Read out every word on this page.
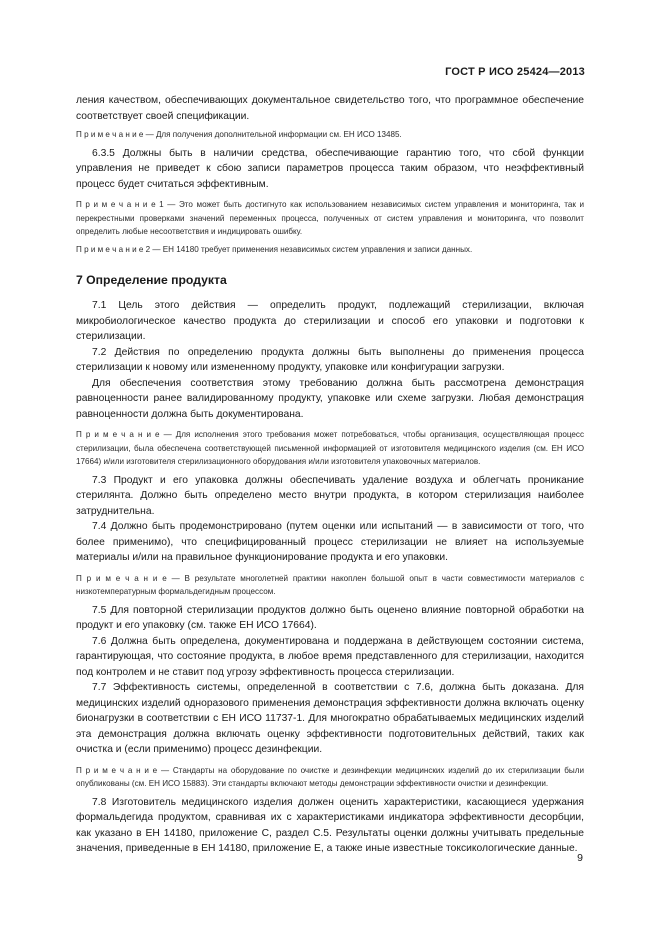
ГОСТ Р ИСО 25424—2013

ления качеством, обеспечивающих документальное свидетельство того, что программное обеспечение соответствует своей спецификации.

П р и м е ч а н и е — Для получения дополнительной информации см. ЕН ИСО 13485.

6.3.5 Должны быть в наличии средства, обеспечивающие гарантию того, что сбой функции управления не приведет к сбою записи параметров процесса таким образом, что неэффективный процесс будет считаться эффективным.

П р и м е ч а н и е 1 — Это может быть достигнуто как использованием независимых систем управления и мониторинга, так и перекрестными проверками значений переменных процесса, полученных от систем управления и мониторинга, что позволит определить любые несоответствия и индицировать ошибку.

П р и м е ч а н и е 2 — ЕН 14180 требует применения независимых систем управления и записи данных.

7 Определение продукта

7.1 Цель этого действия — определить продукт, подлежащий стерилизации, включая микробиологическое качество продукта до стерилизации и способ его упаковки и подготовки к стерилизации.

7.2 Действия по определению продукта должны быть выполнены до применения процесса стерилизации к новому или измененному продукту, упаковке или конфигурации загрузки.

Для обеспечения соответствия этому требованию должна быть рассмотрена демонстрация равноценности ранее валидированному продукту, упаковке или схеме загрузки. Любая демонстрация равноценности должна быть документирована.

П р и м е ч а н и е — Для исполнения этого требования может потребоваться, чтобы организация, осуществляющая процесс стерилизации, была обеспечена соответствующей письменной информацией от изготовителя медицинского изделия (см. ЕН ИСО 17664) и/или изготовителя стерилизационного оборудования и/или изготовителя упаковочных материалов.

7.3 Продукт и его упаковка должны обеспечивать удаление воздуха и облегчать проникание стерилянта. Должно быть определено место внутри продукта, в котором стерилизация наиболее затруднительна.

7.4 Должно быть продемонстрировано (путем оценки или испытаний — в зависимости от того, что более применимо), что специфицированный процесс стерилизации не влияет на используемые материалы и/или на правильное функционирование продукта и его упаковки.

П р и м е ч а н и е — В результате многолетней практики накоплен большой опыт в части совместимости материалов с низкотемпературным формальдегидным процессом.

7.5 Для повторной стерилизации продуктов должно быть оценено влияние повторной обработки на продукт и его упаковку (см. также ЕН ИСО 17664).

7.6 Должна быть определена, документирована и поддержана в действующем состоянии система, гарантирующая, что состояние продукта, в любое время представленного для стерилизации, находится под контролем и не ставит под угрозу эффективность процесса стерилизации.

7.7 Эффективность системы, определенной в соответствии с 7.6, должна быть доказана. Для медицинских изделий одноразового применения демонстрация эффективности должна включать оценку бионагрузки в соответствии с ЕН ИСО 11737-1. Для многократно обрабатываемых медицинских изделий эта демонстрация должна включать оценку эффективности подготовительных действий, таких как очистка и (если применимо) процесс дезинфекции.

П р и м е ч а н и е — Стандарты на оборудование по очистке и дезинфекции медицинских изделий до их стерилизации были опубликованы (см. ЕН ИСО 15883). Эти стандарты включают методы демонстрации эффективности очистки и дезинфекции.

7.8 Изготовитель медицинского изделия должен оценить характеристики, касающиеся удержания формальдегида продуктом, сравнивая их с характеристиками индикатора эффективности десорбции, как указано в ЕН 14180, приложение С, раздел С.5. Результаты оценки должны учитывать предельные значения, приведенные в ЕН 14180, приложение Е, а также иные известные токсикологические данные.

9
